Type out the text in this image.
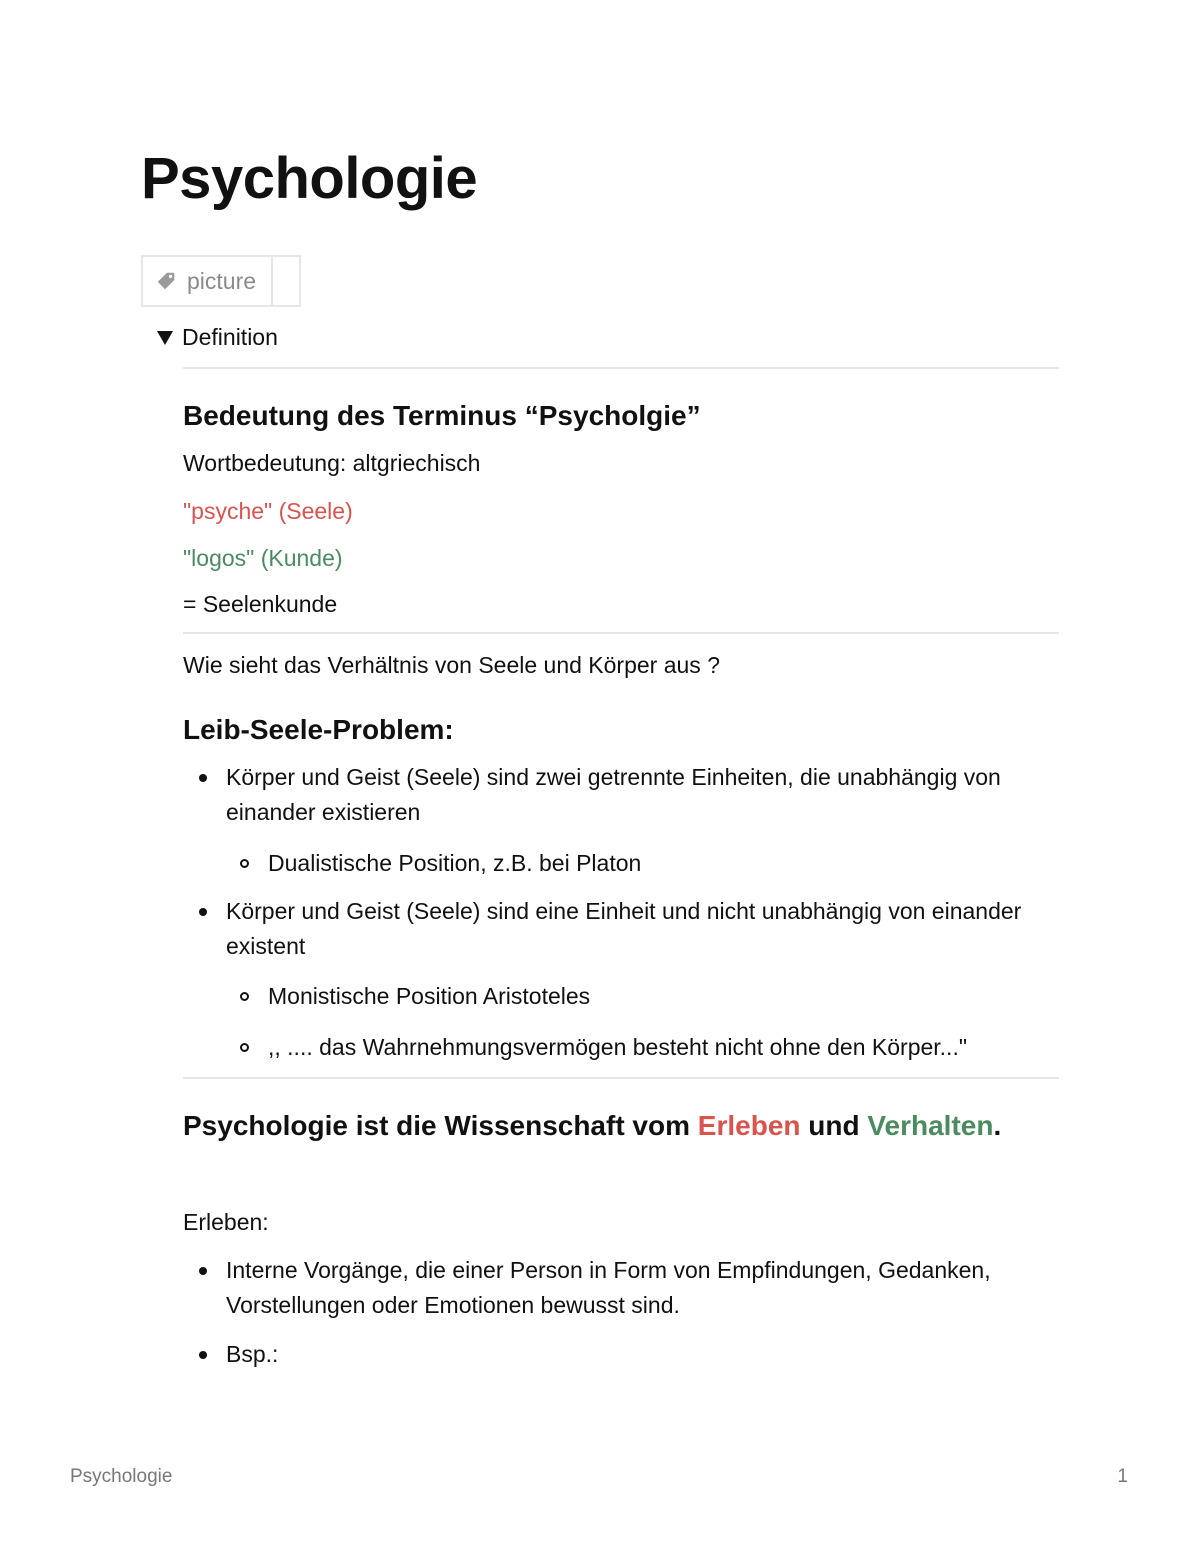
Psychologie
picture
Definition
Bedeutung des Terminus “Psycholgie”
Wortbedeutung: altgriechisch
"psyche" (Seele)
"logos" (Kunde)
= Seelenkunde
Wie sieht das Verhältnis von Seele und Körper aus ?
Leib-Seele-Problem:
Körper und Geist (Seele) sind zwei getrennte Einheiten, die unabhängig von
einander existieren
Dualistische Position, z.B. bei Platon
Körper und Geist (Seele) sind eine Einheit und nicht unabhängig von einander
existent
Monistische Position Aristoteles
,, .... das Wahrnehmungsvermögen besteht nicht ohne den Körper..."
Psychologie ist die Wissenschaft vom Erleben und Verhalten.
Erleben:
Interne Vorgänge, die einer Person in Form von Empfindungen, Gedanken,
Vorstellungen oder Emotionen bewusst sind.
Bsp.:
Psychologie	1
